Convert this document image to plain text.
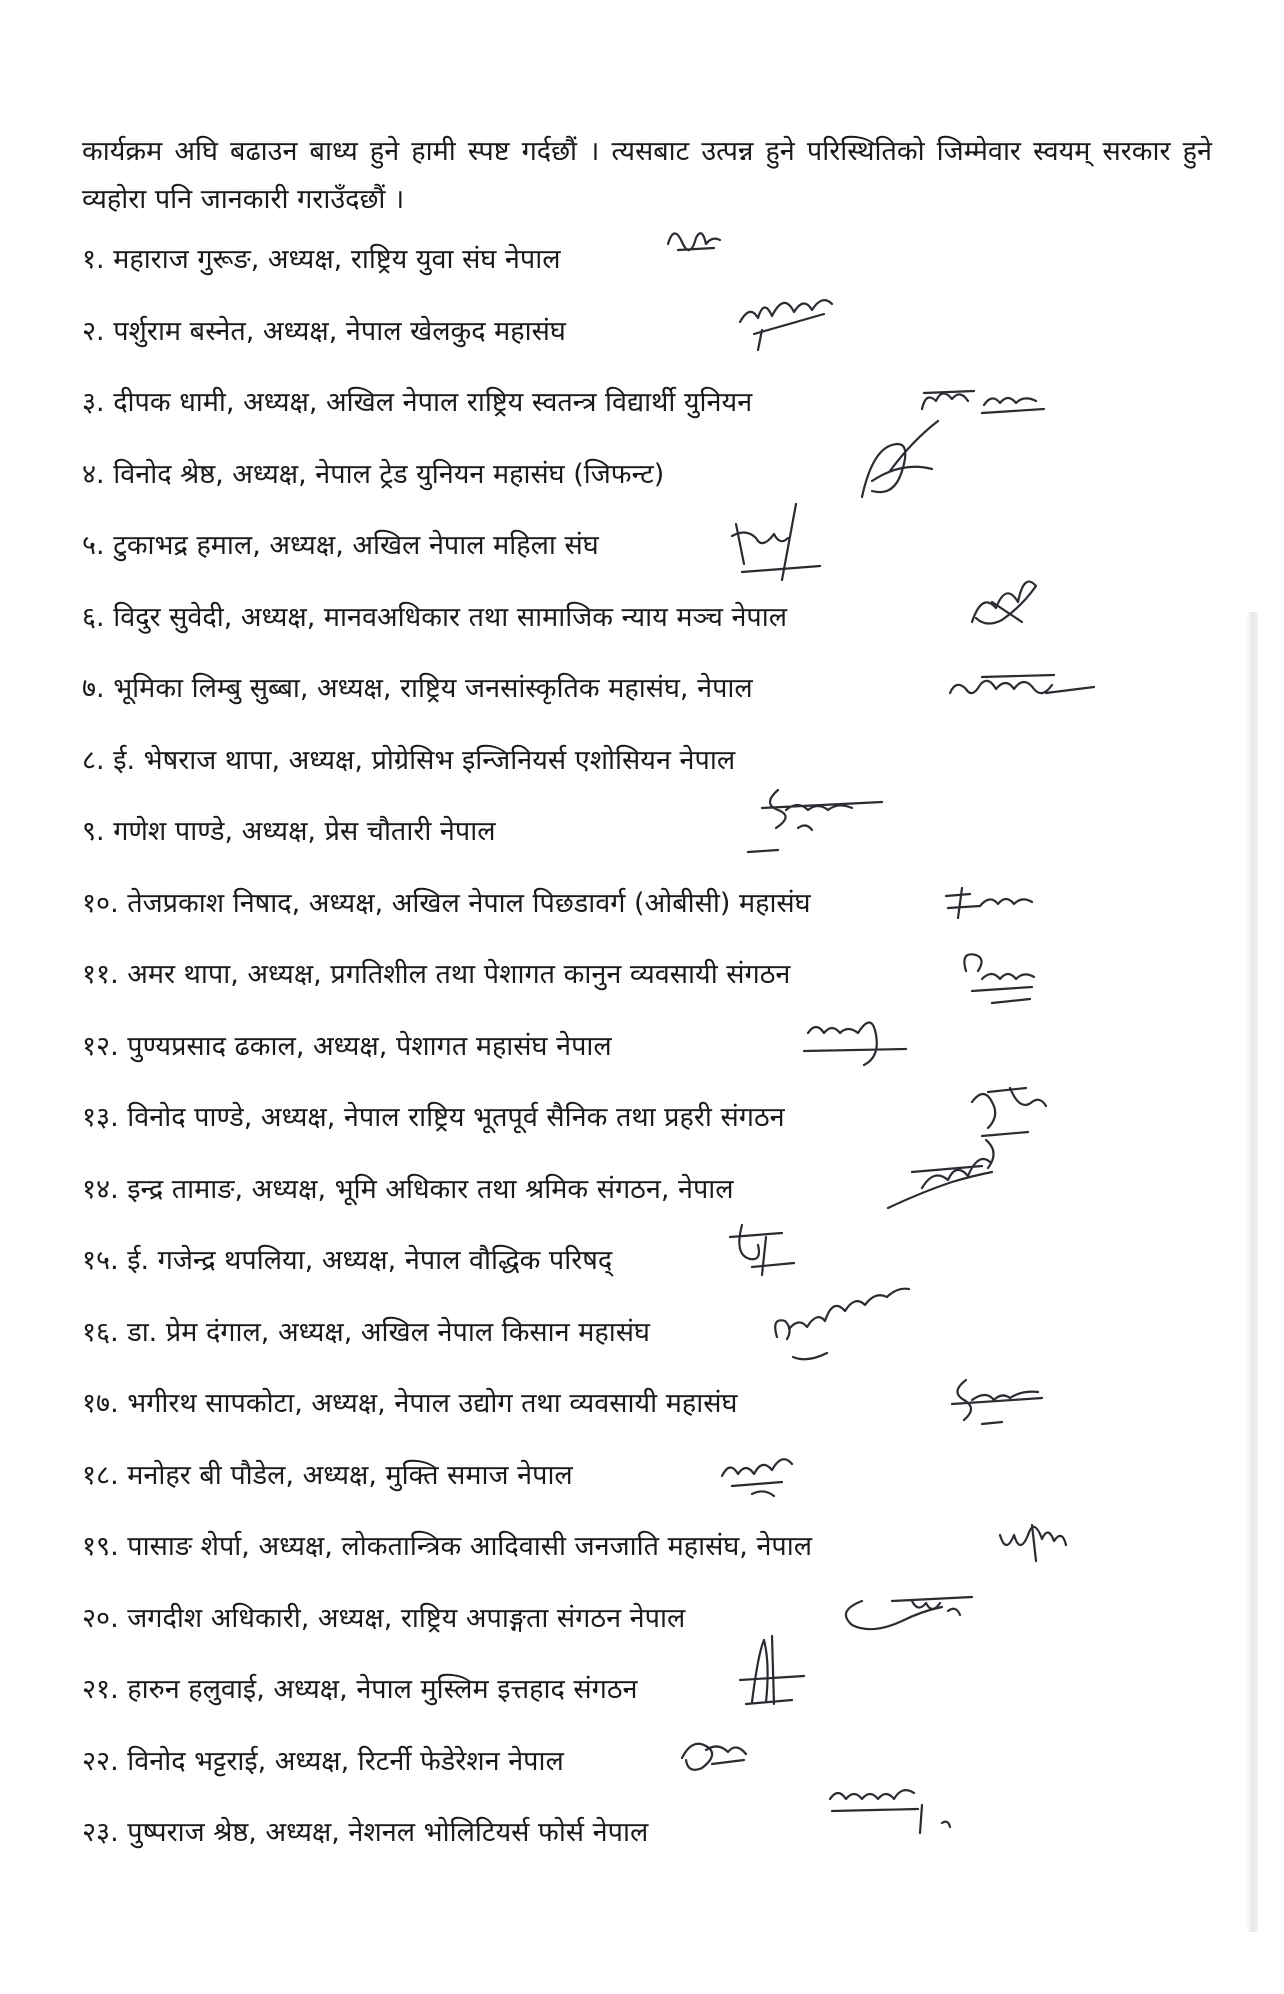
कार्यक्रम अघि बढाउन बाध्य हुने हामी स्पष्ट गर्दछौं । त्यसबाट उत्पन्न हुने परिस्थितिको जिम्मेवार स्वयम् सरकार हुने व्यहोरा पनि जानकारी गराउँदछौं ।

१. महाराज गुरूङ, अध्यक्ष, राष्ट्रिय युवा संघ नेपाल
२. पर्शुराम बस्नेत, अध्यक्ष, नेपाल खेलकुद महासंघ
३. दीपक धामी, अध्यक्ष, अखिल नेपाल राष्ट्रिय स्वतन्त्र विद्यार्थी युनियन
४. विनोद श्रेष्ठ, अध्यक्ष, नेपाल ट्रेड युनियन महासंघ (जिफन्ट)
५. टुकाभद्र हमाल, अध्यक्ष, अखिल नेपाल महिला संघ
६. विदुर सुवेदी, अध्यक्ष, मानवअधिकार तथा सामाजिक न्याय मञ्च नेपाल
७. भूमिका लिम्बु सुब्बा, अध्यक्ष, राष्ट्रिय जनसांस्कृतिक महासंघ, नेपाल
८. ई. भेषराज थापा, अध्यक्ष, प्रोग्रेसिभ इन्जिनियर्स एशोसियन नेपाल
९. गणेश पाण्डे, अध्यक्ष, प्रेस चौतारी नेपाल
१०. तेजप्रकाश निषाद, अध्यक्ष, अखिल नेपाल पिछडावर्ग (ओबीसी) महासंघ
११. अमर थापा, अध्यक्ष, प्रगतिशील तथा पेशागत कानुन व्यवसायी संगठन
१२. पुण्यप्रसाद ढकाल, अध्यक्ष, पेशागत महासंघ नेपाल
१३. विनोद पाण्डे, अध्यक्ष, नेपाल राष्ट्रिय भूतपूर्व सैनिक तथा प्रहरी संगठन
१४. इन्द्र तामाङ, अध्यक्ष, भूमि अधिकार तथा श्रमिक संगठन, नेपाल
१५. ई. गजेन्द्र थपलिया, अध्यक्ष, नेपाल वौद्धिक परिषद्
१६. डा. प्रेम दंगाल, अध्यक्ष, अखिल नेपाल किसान महासंघ
१७. भगीरथ सापकोटा, अध्यक्ष, नेपाल उद्योग तथा व्यवसायी महासंघ
१८. मनोहर बी पौडेल, अध्यक्ष, मुक्ति समाज नेपाल
१९. पासाङ शेर्पा, अध्यक्ष, लोकतान्त्रिक आदिवासी जनजाति महासंघ, नेपाल
२०. जगदीश अधिकारी, अध्यक्ष, राष्ट्रिय अपाङ्गता संगठन नेपाल
२१. हारुन हलुवाई, अध्यक्ष, नेपाल मुस्लिम इत्तहाद संगठन
२२. विनोद भट्टराई, अध्यक्ष, रिटर्नी फेडेरेशन नेपाल
२३. पुष्पराज श्रेष्ठ, अध्यक्ष, नेशनल भोलिटियर्स फोर्स नेपाल
